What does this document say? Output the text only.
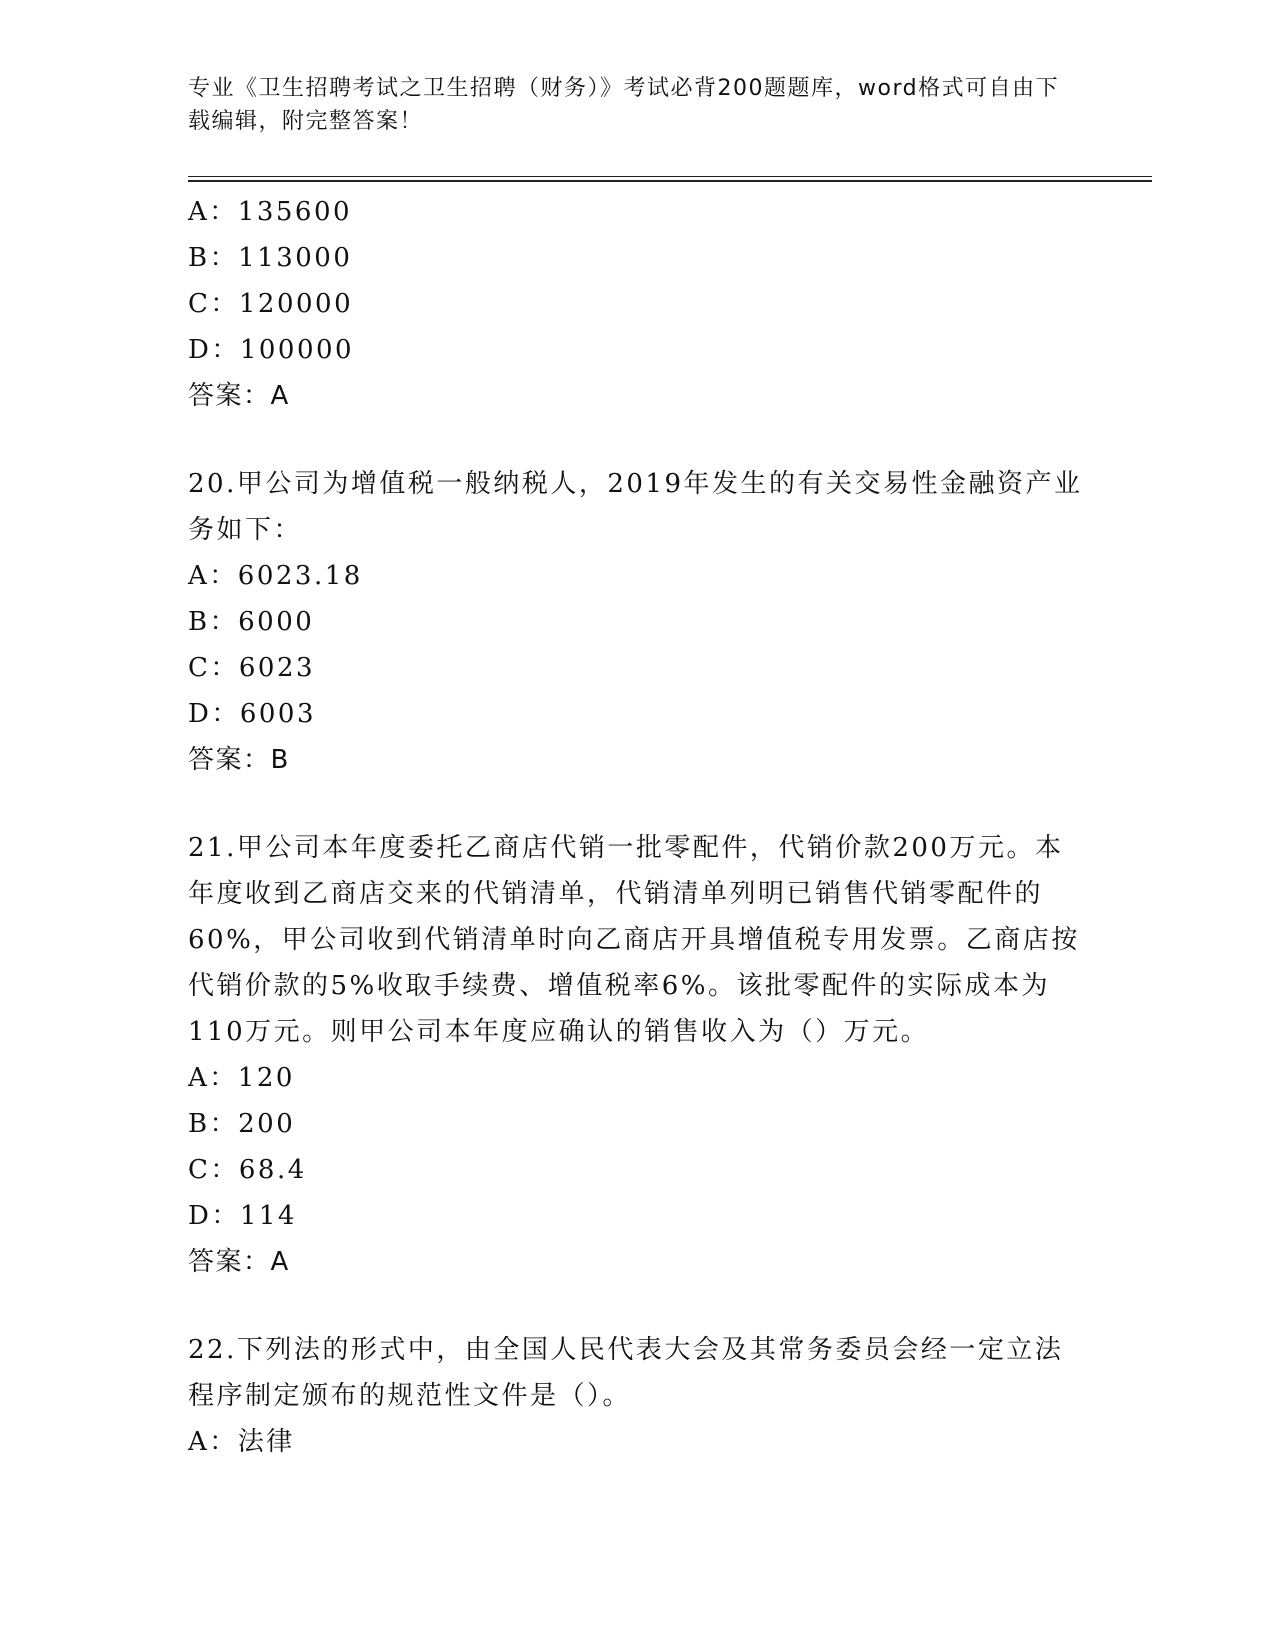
专业《卫生招聘考试之卫生招聘（财务）》考试必背200题题库，word格式可自由下载编辑，附完整答案！

A：135600
B：113000
C：120000
D：100000
答案：A

20.甲公司为增值税一般纳税人，2019年发生的有关交易性金融资产业务如下：

A：6023.18
B：6000
C：6023
D：6003
答案：B

21.甲公司本年度委托乙商店代销一批零配件，代销价款200万元。本年度收到乙商店交来的代销清单，代销清单列明已销售代销零配件的60%，甲公司收到代销清单时向乙商店开具增值税专用发票。乙商店按代销价款的5%收取手续费、增值税率6%。该批零配件的实际成本为110万元。则甲公司本年度应确认的销售收入为（）万元。

A：120
B：200
C：68.4
D：114
答案：A

22.下列法的形式中，由全国人民代表大会及其常务委员会经一定立法程序制定颁布的规范性文件是（）。

A：法律
